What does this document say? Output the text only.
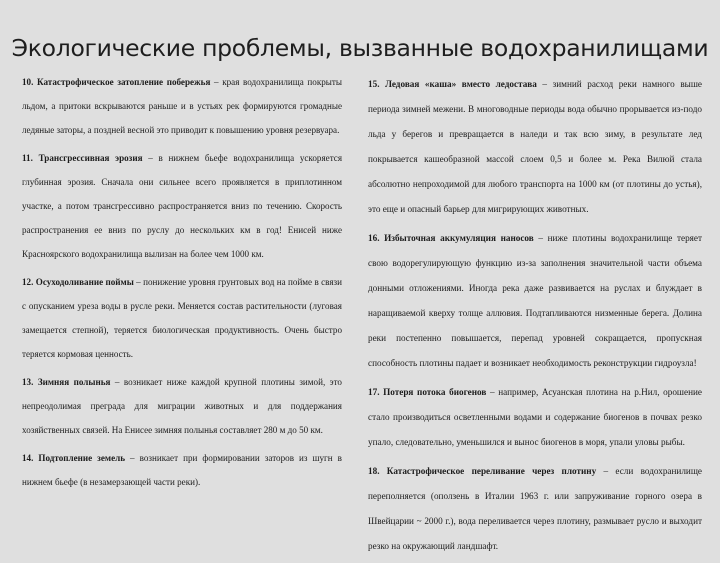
Экологические проблемы, вызванные водохранилищами

10. Катастрофическое затопление побережья – края водохранилища покрыты льдом, а притоки вскрываются раньше и в устьях рек формируются громадные ледяные заторы, а поздней весной это приводит к повышению уровня резервуара.

11. Трансгрессивная эрозия – в нижнем бьефе водохранилища ускоряется глубинная эрозия. Сначала они сильнее всего проявляется в приплотинном участке, а потом трансгрессивно распространяется вниз по течению. Скорость распространения ее вниз по руслу до нескольких км в год! Енисей ниже Красноярского водохранилища вылизан на более чем 1000 км.

12. Осуходоливание поймы – понижение уровня грунтовых вод на пойме в связи с опусканием уреза воды в русле реки. Меняется состав растительности (луговая замещается степной), теряется биологическая продуктивность. Очень быстро теряется кормовая ценность.

13. Зимняя полынья – возникает ниже каждой крупной плотины зимой, это непреодолимая преграда для миграции животных и для поддержания хозяйственных связей. На Енисее зимняя полынья составляет 280 м до 50 км.

14. Подтопление земель – возникает при формировании заторов из шугн в нижнем бьефе (в незамерзающей части реки).

15. Ледовая «каша» вместо ледостава – зимний расход реки намного выше периода зимней межени. В многоводные периоды вода обычно прорывается из-подо льда у берегов и превращается в наледи и так всю зиму, в результате лед покрывается кашеобразной массой слоем 0,5 и более м. Река Вилюй стала абсолютно непроходимой для любого транспорта на 1000 км (от плотины до устья), это еще и опасный барьер для мигрирующих животных.

16. Избыточная аккумуляция наносов – ниже плотины водохранилище теряет свою водорегулирующую функцию из-за заполнения значительной части объема донными отложениями. Иногда река даже развивается на руслах и блуждает в наращиваемой кверху толще аллювия. Подтапливаются низменные берега. Долина реки постепенно повышается, перепад уровней сокращается, пропускная способность плотины падает и возникает необходимость реконструкции гидроузла!

17. Потеря потока биогенов – например, Асуанская плотина на р.Нил, орошение стало производиться осветленными водами и содержание биогенов в почвах резко упало, следовательно, уменьшился и вынос биогенов в моря, упали уловы рыбы.

18. Катастрофическое переливание через плотину – если водохранилище переполняется (оползень в Италии 1963 г. или запруживание горного озера в Швейцарии ~ 2000 г.), вода переливается через плотину, размывает русло и выходит резко на окружающий ландшафт.
